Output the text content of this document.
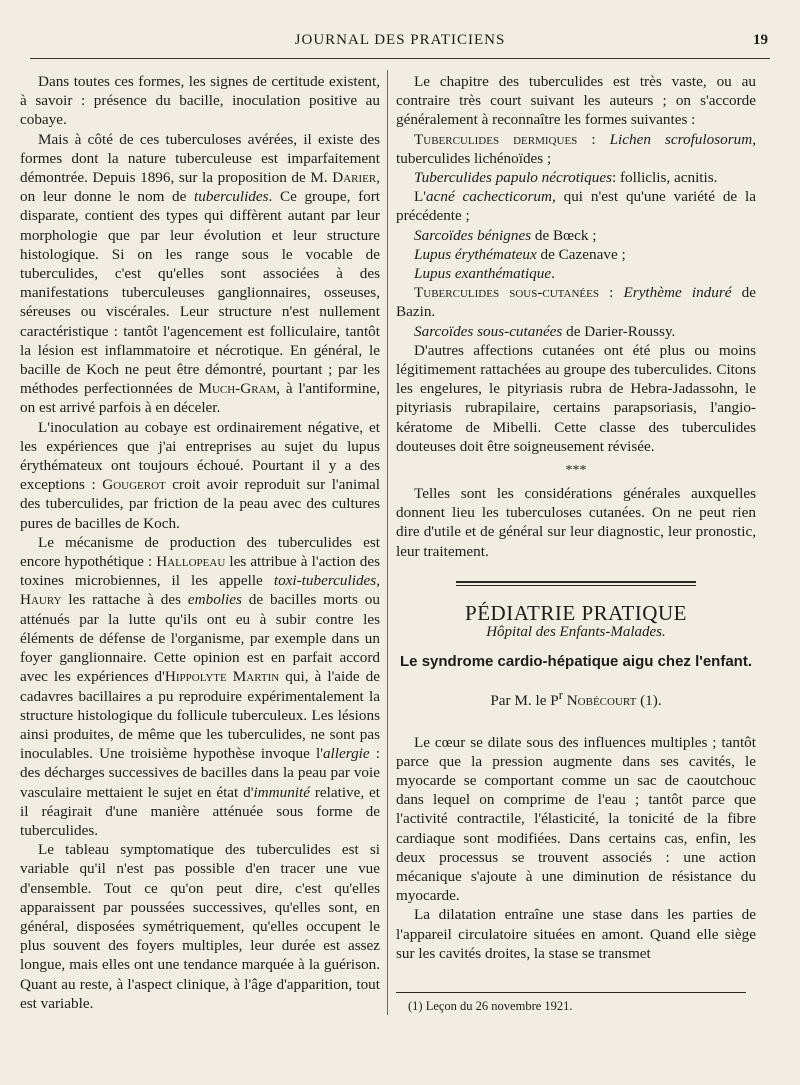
JOURNAL DES PRATICIENS	19

Dans toutes ces formes, les signes de certitude existent, à savoir : présence du bacille, inoculation positive au cobaye.

Mais à côté de ces tuberculoses avérées, il existe des formes dont la nature tuberculeuse est imparfaitement démontrée. Depuis 1896, sur la proposition de M. Darier, on leur donne le nom de tuberculides. Ce groupe, fort disparate, contient des types qui diffèrent autant par leur morphologie que par leur évolution et leur structure histologique. Si on les range sous le vocable de tuberculides, c'est qu'elles sont associées à des manifestations tuberculeuses ganglionnaires, osseuses, séreuses ou viscérales. Leur structure n'est nullement caractéristique : tantôt l'agencement est folliculaire, tantôt la lésion est inflammatoire et nécrotique. En général, le bacille de Koch ne peut être démontré, pourtant ; par les méthodes perfectionnées de Much-Gram, à l'antiformine, on est arrivé parfois à en déceler.

L'inoculation au cobaye est ordinairement négative, et les expériences que j'ai entreprises au sujet du lupus érythémateux ont toujours échoué. Pourtant il y a des exceptions : Gougerot croit avoir reproduit sur l'animal des tuberculides, par friction de la peau avec des cultures pures de bacilles de Koch.

Le mécanisme de production des tuberculides est encore hypothétique : Hallopeau les attribue à l'action des toxines microbiennes, il les appelle toxi-tuberculides, Haury les rattache à des embolies de bacilles morts ou atténués par la lutte qu'ils ont eu à subir contre les éléments de défense de l'organisme, par exemple dans un foyer ganglionnaire. Cette opinion est en parfait accord avec les expériences d'Hippolyte Martin qui, à l'aide de cadavres bacillaires a pu reproduire expérimentalement la structure histologique du follicule tuberculeux. Les lésions ainsi produites, de même que les tuberculides, ne sont pas inoculables. Une troisième hypothèse invoque l'allergie : des décharges successives de bacilles dans la peau par voie vasculaire mettaient le sujet en état d'immunité relative, et il réagirait d'une manière atténuée sous forme de tuberculides.

Le tableau symptomatique des tuberculides est si variable qu'il n'est pas possible d'en tracer une vue d'ensemble. Tout ce qu'on peut dire, c'est qu'elles apparaissent par poussées successives, qu'elles sont, en général, disposées symétriquement, qu'elles occupent le plus souvent des foyers multiples, leur durée est assez longue, mais elles ont une tendance marquée à la guérison. Quant au reste, à l'aspect clinique, à l'âge d'apparition, tout est variable.

Le chapitre des tuberculides est très vaste, ou au contraire très court suivant les auteurs ; on s'accorde généralement à reconnaître les formes suivantes :

Tuberculides dermiques : Lichen scrofulosorum, tuberculides lichénoïdes ;

Tuberculides papulo nécrotiques: folliclis, acnitis.

L'acné cachecticorum, qui n'est qu'une variété de la précédente ;

Sarcoïdes bénignes de Bœck ;

Lupus érythémateux de Cazenave ;

Lupus exanthématique.

Tuberculides sous-cutanées : Erythème induré de Bazin.

Sarcoïdes sous-cutanées de Darier-Roussy.

D'autres affections cutanées ont été plus ou moins légitimement rattachées au groupe des tuberculides. Citons les engelures, le pityriasis rubra de Hebra-Jadassohn, le pityriasis rubrapilaire, certains parapsoriasis, l'angio-kératome de Mibelli. Cette classe des tuberculides douteuses doit être soigneusement révisée.

***

Telles sont les considérations générales auxquelles donnent lieu les tuberculoses cutanées. On ne peut rien dire d'utile et de général sur leur diagnostic, leur pronostic, leur traitement.

PÉDIATRIE PRATIQUE

Hôpital des Enfants-Malades.

Le syndrome cardio-hépatique aigu chez l'enfant.

Par M. le $P^r$ Nobécourt (1).

Le cœur se dilate sous des influences multiples ; tantôt parce que la pression augmente dans ses cavités, le myocarde se comportant comme un sac de caoutchouc dans lequel on comprime de l'eau ; tantôt parce que l'activité contractile, l'élasticité, la tonicité de la fibre cardiaque sont modifiées. Dans certains cas, enfin, les deux processus se trouvent associés : une action mécanique s'ajoute à une diminution de résistance du myocarde.

La dilatation entraîne une stase dans les parties de l'appareil circulatoire situées en amont. Quand elle siège sur les cavités droites, la stase se transmet

(1) Leçon du 26 novembre 1921.
